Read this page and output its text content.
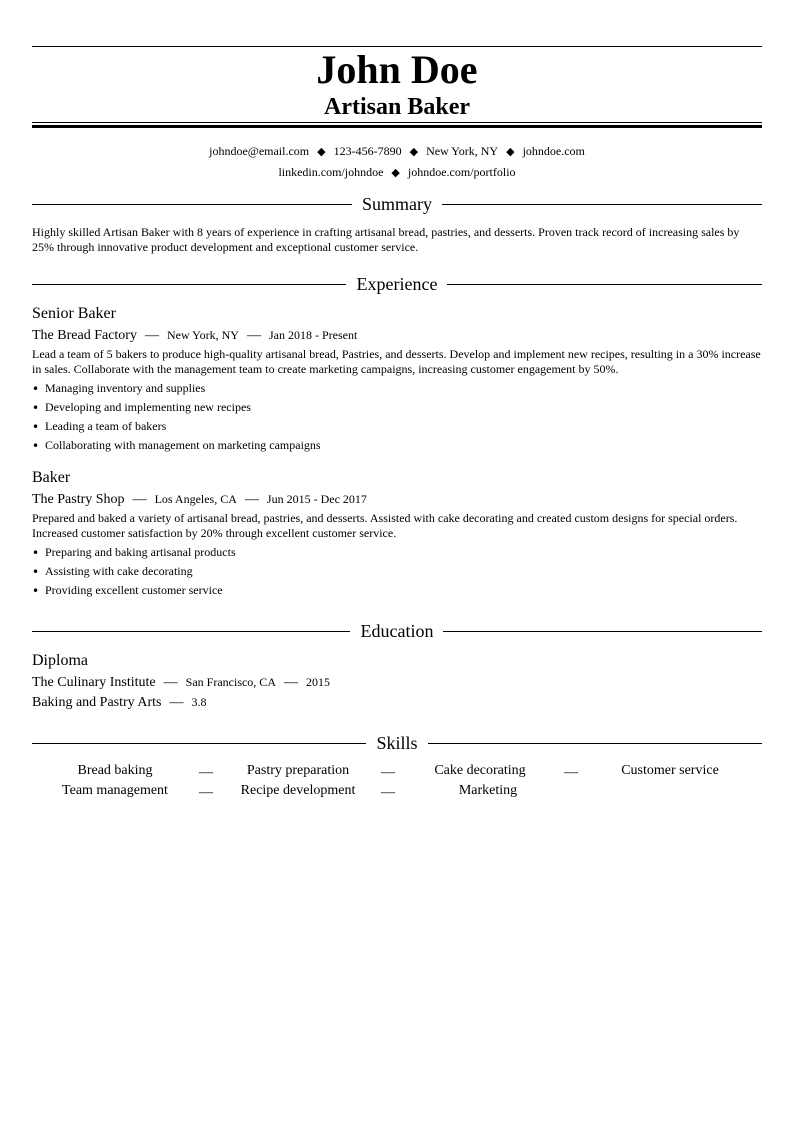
John Doe
Artisan Baker
johndoe@email.com ◆ 123-456-7890 ◆ New York, NY ◆ johndoe.com
linkedin.com/johndoe ◆ johndoe.com/portfolio
Summary
Highly skilled Artisan Baker with 8 years of experience in crafting artisanal bread, pastries, and desserts. Proven track record of increasing sales by 25% through innovative product development and exceptional customer service.
Experience
Senior Baker
The Bread Factory — New York, NY — Jan 2018 - Present
Lead a team of 5 bakers to produce high-quality artisanal bread, Pastries, and desserts. Develop and implement new recipes, resulting in a 30% increase in sales. Collaborate with the management team to create marketing campaigns, increasing customer engagement by 50%.
• Managing inventory and supplies
• Developing and implementing new recipes
• Leading a team of bakers
• Collaborating with management on marketing campaigns
Baker
The Pastry Shop — Los Angeles, CA — Jun 2015 - Dec 2017
Prepared and baked a variety of artisanal bread, pastries, and desserts. Assisted with cake decorating and created custom designs for special orders. Increased customer satisfaction by 20% through excellent customer service.
• Preparing and baking artisanal products
• Assisting with cake decorating
• Providing excellent customer service
Education
Diploma
The Culinary Institute — San Francisco, CA — 2015
Baking and Pastry Arts — 3.8
Skills
Bread baking	—	Pastry preparation	—	Cake decorating	—	Customer service
Team management	—	Recipe development	—	Marketing
